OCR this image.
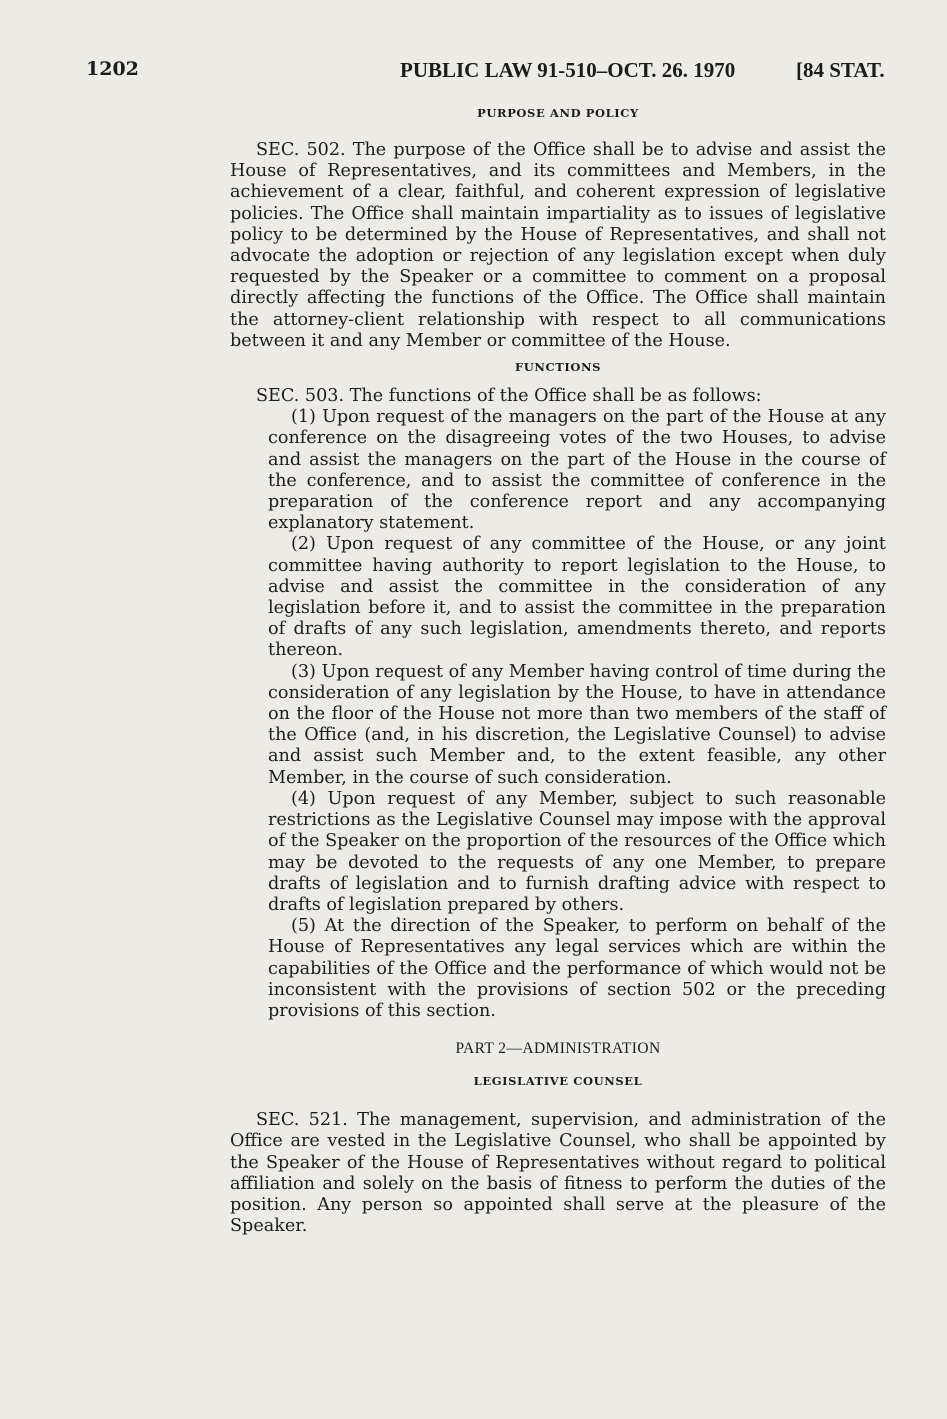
1202	PUBLIC LAW 91-510–OCT. 26. 1970	[84 STAT.
PURPOSE AND POLICY

SEC. 502. The purpose of the Office shall be to advise and assist the House of Representatives, and its committees and Members, in the achievement of a clear, faithful, and coherent expression of legislative policies. The Office shall maintain impartiality as to issues of legislative policy to be determined by the House of Representatives, and shall not advocate the adoption or rejection of any legislation except when duly requested by the Speaker or a committee to comment on a proposal directly affecting the functions of the Office. The Office shall maintain the attorney-client relationship with respect to all communications between it and any Member or committee of the House.

FUNCTIONS

SEC. 503. The functions of the Office shall be as follows:

(1) Upon request of the managers on the part of the House at any conference on the disagreeing votes of the two Houses, to advise and assist the managers on the part of the House in the course of the conference, and to assist the committee of conference in the preparation of the conference report and any accompanying explanatory statement.

(2) Upon request of any committee of the House, or any joint committee having authority to report legislation to the House, to advise and assist the committee in the consideration of any legislation before it, and to assist the committee in the preparation of drafts of any such legislation, amendments thereto, and reports thereon.

(3) Upon request of any Member having control of time during the consideration of any legislation by the House, to have in attendance on the floor of the House not more than two members of the staff of the Office (and, in his discretion, the Legislative Counsel) to advise and assist such Member and, to the extent feasible, any other Member, in the course of such consideration.

(4) Upon request of any Member, subject to such reasonable restrictions as the Legislative Counsel may impose with the approval of the Speaker on the proportion of the resources of the Office which may be devoted to the requests of any one Member, to prepare drafts of legislation and to furnish drafting advice with respect to drafts of legislation prepared by others.

(5) At the direction of the Speaker, to perform on behalf of the House of Representatives any legal services which are within the capabilities of the Office and the performance of which would not be inconsistent with the provisions of section 502 or the preceding provisions of this section.

PART 2—ADMINISTRATION
LEGISLATIVE COUNSEL

SEC. 521. The management, supervision, and administration of the Office are vested in the Legislative Counsel, who shall be appointed by the Speaker of the House of Representatives without regard to political affiliation and solely on the basis of fitness to perform the duties of the position. Any person so appointed shall serve at the pleasure of the Speaker.
